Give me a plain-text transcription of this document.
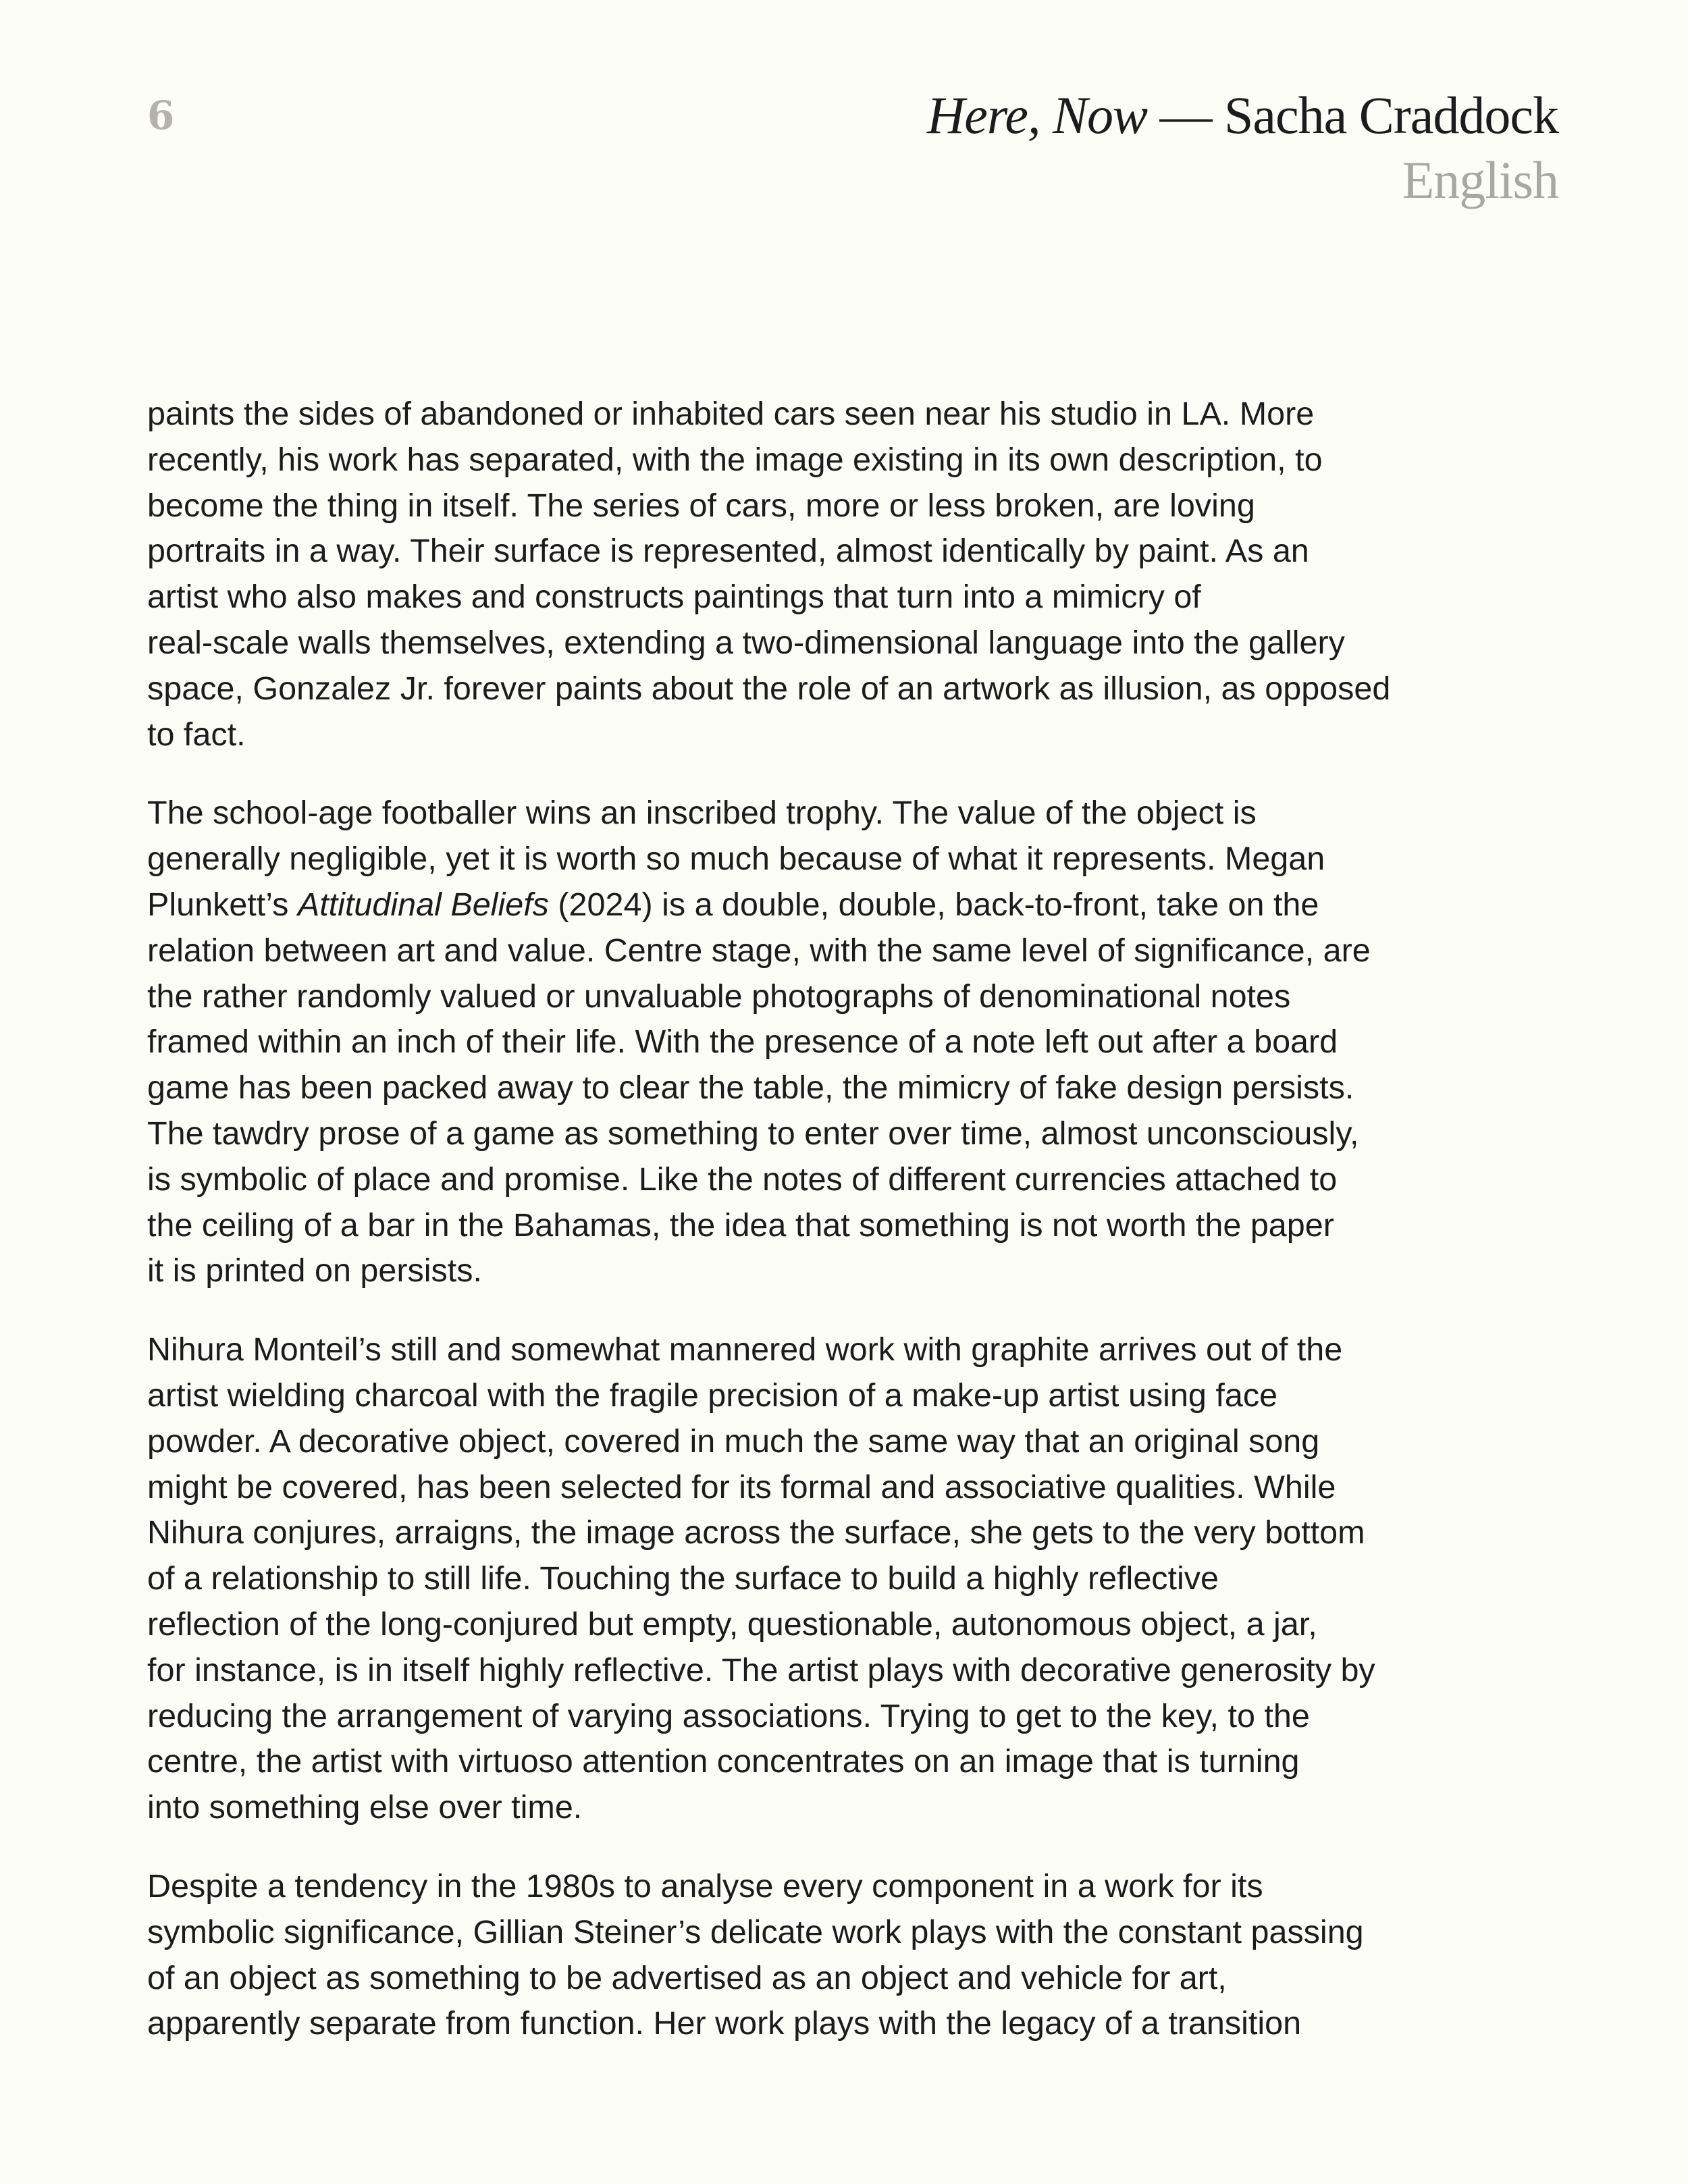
6	Here, Now — Sacha Craddock
English

paints the sides of abandoned or inhabited cars seen near his studio in LA. More
recently, his work has separated, with the image existing in its own description, to
become the thing in itself. The series of cars, more or less broken, are loving
portraits in a way. Their surface is represented, almost identically by paint. As an
artist who also makes and constructs paintings that turn into a mimicry of
real-scale walls themselves, extending a two-dimensional language into the gallery
space, Gonzalez Jr. forever paints about the role of an artwork as illusion, as opposed
to fact.

The school-age footballer wins an inscribed trophy. The value of the object is
generally negligible, yet it is worth so much because of what it represents. Megan
Plunkett’s Attitudinal Beliefs (2024) is a double, double, back-to-front, take on the
relation between art and value. Centre stage, with the same level of significance, are
the rather randomly valued or unvaluable photographs of denominational notes
framed within an inch of their life. With the presence of a note left out after a board
game has been packed away to clear the table, the mimicry of fake design persists.
The tawdry prose of a game as something to enter over time, almost unconsciously,
is symbolic of place and promise. Like the notes of different currencies attached to
the ceiling of a bar in the Bahamas, the idea that something is not worth the paper
it is printed on persists.

Nihura Monteil’s still and somewhat mannered work with graphite arrives out of the
artist wielding charcoal with the fragile precision of a make-up artist using face
powder. A decorative object, covered in much the same way that an original song
might be covered, has been selected for its formal and associative qualities. While
Nihura conjures, arraigns, the image across the surface, she gets to the very bottom
of a relationship to still life. Touching the surface to build a highly reflective
reflection of the long-conjured but empty, questionable, autonomous object, a jar,
for instance, is in itself highly reflective. The artist plays with decorative generosity by
reducing the arrangement of varying associations. Trying to get to the key, to the
centre, the artist with virtuoso attention concentrates on an image that is turning
into something else over time.

Despite a tendency in the 1980s to analyse every component in a work for its
symbolic significance, Gillian Steiner’s delicate work plays with the constant passing
of an object as something to be advertised as an object and vehicle for art,
apparently separate from function. Her work plays with the legacy of a transition
